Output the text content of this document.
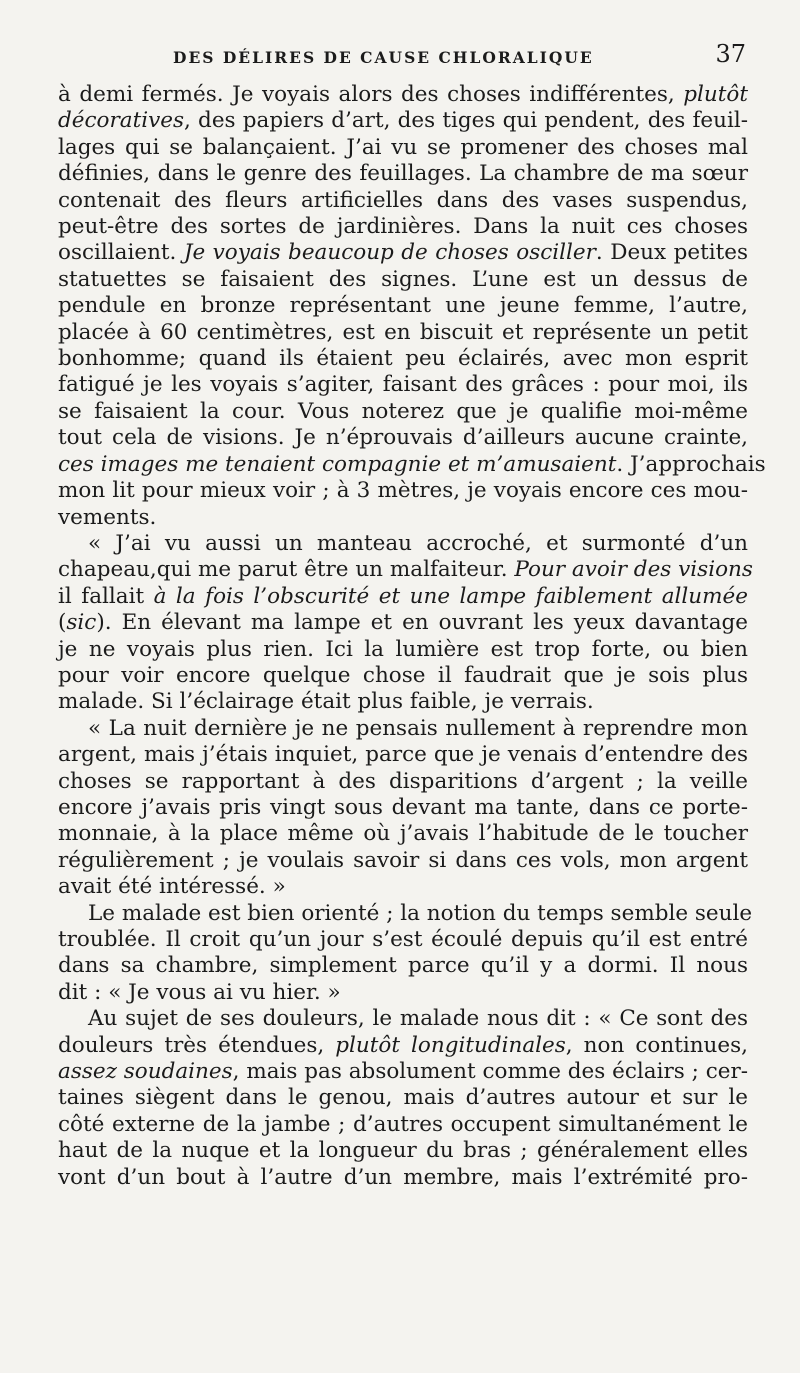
DES DÉLIRES DE CAUSE CHLORALIQUE	37
à demi fermés. Je voyais alors des choses indifférentes, plutôt
décoratives, des papiers d’art, des tiges qui pendent, des feuil-
lages qui se balançaient. J’ai vu se promener des choses mal
définies, dans le genre des feuillages. La chambre de ma sœur
contenait des fleurs artificielles dans des vases suspendus,
peut-être des sortes de jardinières. Dans la nuit ces choses
oscillaient. Je voyais beaucoup de choses osciller. Deux petites
statuettes se faisaient des signes. L’une est un dessus de
pendule en bronze représentant une jeune femme, l’autre,
placée à 60 centimètres, est en biscuit et représente un petit
bonhomme; quand ils étaient peu éclairés, avec mon esprit
fatigué je les voyais s’agiter, faisant des grâces : pour moi, ils
se faisaient la cour. Vous noterez que je qualifie moi-même
tout cela de visions. Je n’éprouvais d’ailleurs aucune crainte,
ces images me tenaient compagnie et m’amusaient. J’approchais
mon lit pour mieux voir ; à 3 mètres, je voyais encore ces mou-
vements.
« J’ai vu aussi un manteau accroché, et surmonté d’un
chapeau,qui me parut être un malfaiteur. Pour avoir des visions
il fallait à la fois l’obscurité et une lampe faiblement allumée
(sic). En élevant ma lampe et en ouvrant les yeux davantage
je ne voyais plus rien. Ici la lumière est trop forte, ou bien
pour voir encore quelque chose il faudrait que je sois plus
malade. Si l’éclairage était plus faible, je verrais.
« La nuit dernière je ne pensais nullement à reprendre mon
argent, mais j’étais inquiet, parce que je venais d’entendre des
choses se rapportant à des disparitions d’argent ; la veille
encore j’avais pris vingt sous devant ma tante, dans ce porte-
monnaie, à la place même où j’avais l’habitude de le toucher
régulièrement ; je voulais savoir si dans ces vols, mon argent
avait été intéressé. »
Le malade est bien orienté ; la notion du temps semble seule
troublée. Il croit qu’un jour s’est écoulé depuis qu’il est entré
dans sa chambre, simplement parce qu’il y a dormi. Il nous
dit : « Je vous ai vu hier. »
Au sujet de ses douleurs, le malade nous dit : « Ce sont des
douleurs très étendues, plutôt longitudinales, non continues,
assez soudaines, mais pas absolument comme des éclairs ; cer-
taines siègent dans le genou, mais d’autres autour et sur le
côté externe de la jambe ; d’autres occupent simultanément le
haut de la nuque et la longueur du bras ; généralement elles
vont d’un bout à l’autre d’un membre, mais l’extrémité pro-
